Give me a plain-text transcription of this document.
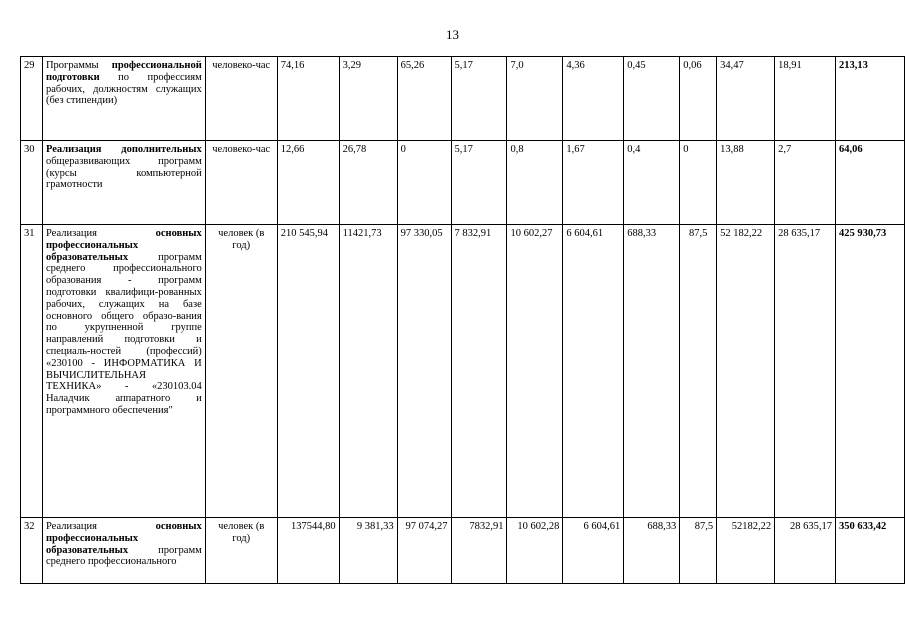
13
29	Программы профессиональной подготовки по профессиям рабочих, должностям служащих (без стипендии)	человеко-час	74,16	3,29	65,26	5,17	7,0	4,36	0,45	0,06	34,47	18,91	213,13
30	Реализация дополнительных общеразвивающих программ (курсы компьютерной грамотности	человеко-час	12,66	26,78	0	5,17	0,8	1,67	0,4	0	13,88	2,7	64,06
31	Реализация основных профессиональных образовательных программ среднего профессионального образования - программ подготовки квалифици-рованных рабочих, служащих на базе основного общего образо-вания по укрупненной группе направлений подготовки и специаль-ностей (профессий) «230100 - ИНФОРМАТИКА И ВЫЧИСЛИТЕЛЬНАЯ ТЕХНИКА» - «230103.04 Наладчик аппаратного и программного обеспечения"	человек (в год)	210 545,94	11421,73	97 330,05	7 832,91	10 602,27	6 604,61	688,33	87,5	52 182,22	28 635,17	425 930,73
32	Реализация основных профессиональных образовательных программ среднего профессионального	человек (в год)	137544,80	9 381,33	97 074,27	7832,91	10 602,28	6 604,61	688,33	87,5	52182,22	28 635,17	350 633,42
